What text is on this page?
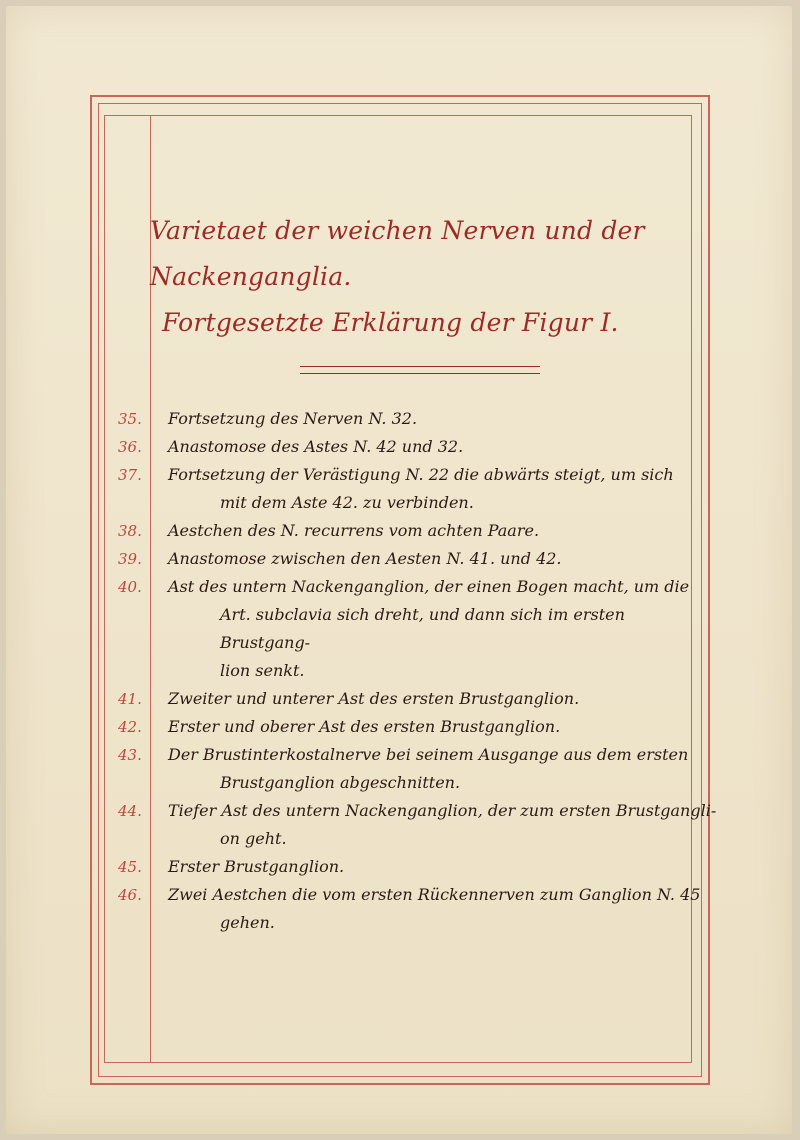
Varietaet der weichen Nerven und der Nackenganglia.
Fortgesetzte Erklärung der Figur I.
35.	Fortsetzung des Nerven N. 32.
36.	Anastomose des Astes N. 42 und 32.
37.	Fortsetzung der Verästigung N. 22 die abwärts steigt, um sich
mit dem Aste 42. zu verbinden.
38.	Aestchen des N. recurrens vom achten Paare.
39.	Anastomose zwischen den Aesten N. 41. und 42.
40.	Ast des untern Nackenganglion, der einen Bogen macht, um die
Art. subclavia sich dreht, und dann sich im ersten Brustgang-
lion senkt.
41.	Zweiter und unterer Ast des ersten Brustganglion.
42.	Erster und oberer Ast des ersten Brustganglion.
43.	Der Brustinterkostalnerve bei seinem Ausgange aus dem ersten
Brustganglion abgeschnitten.
44.	Tiefer Ast des untern Nackenganglion, der zum ersten Brustgangli-
on geht.
45.	Erster Brustganglion.
46.	Zwei Aestchen die vom ersten Rückennerven zum Ganglion N. 45
gehen.
